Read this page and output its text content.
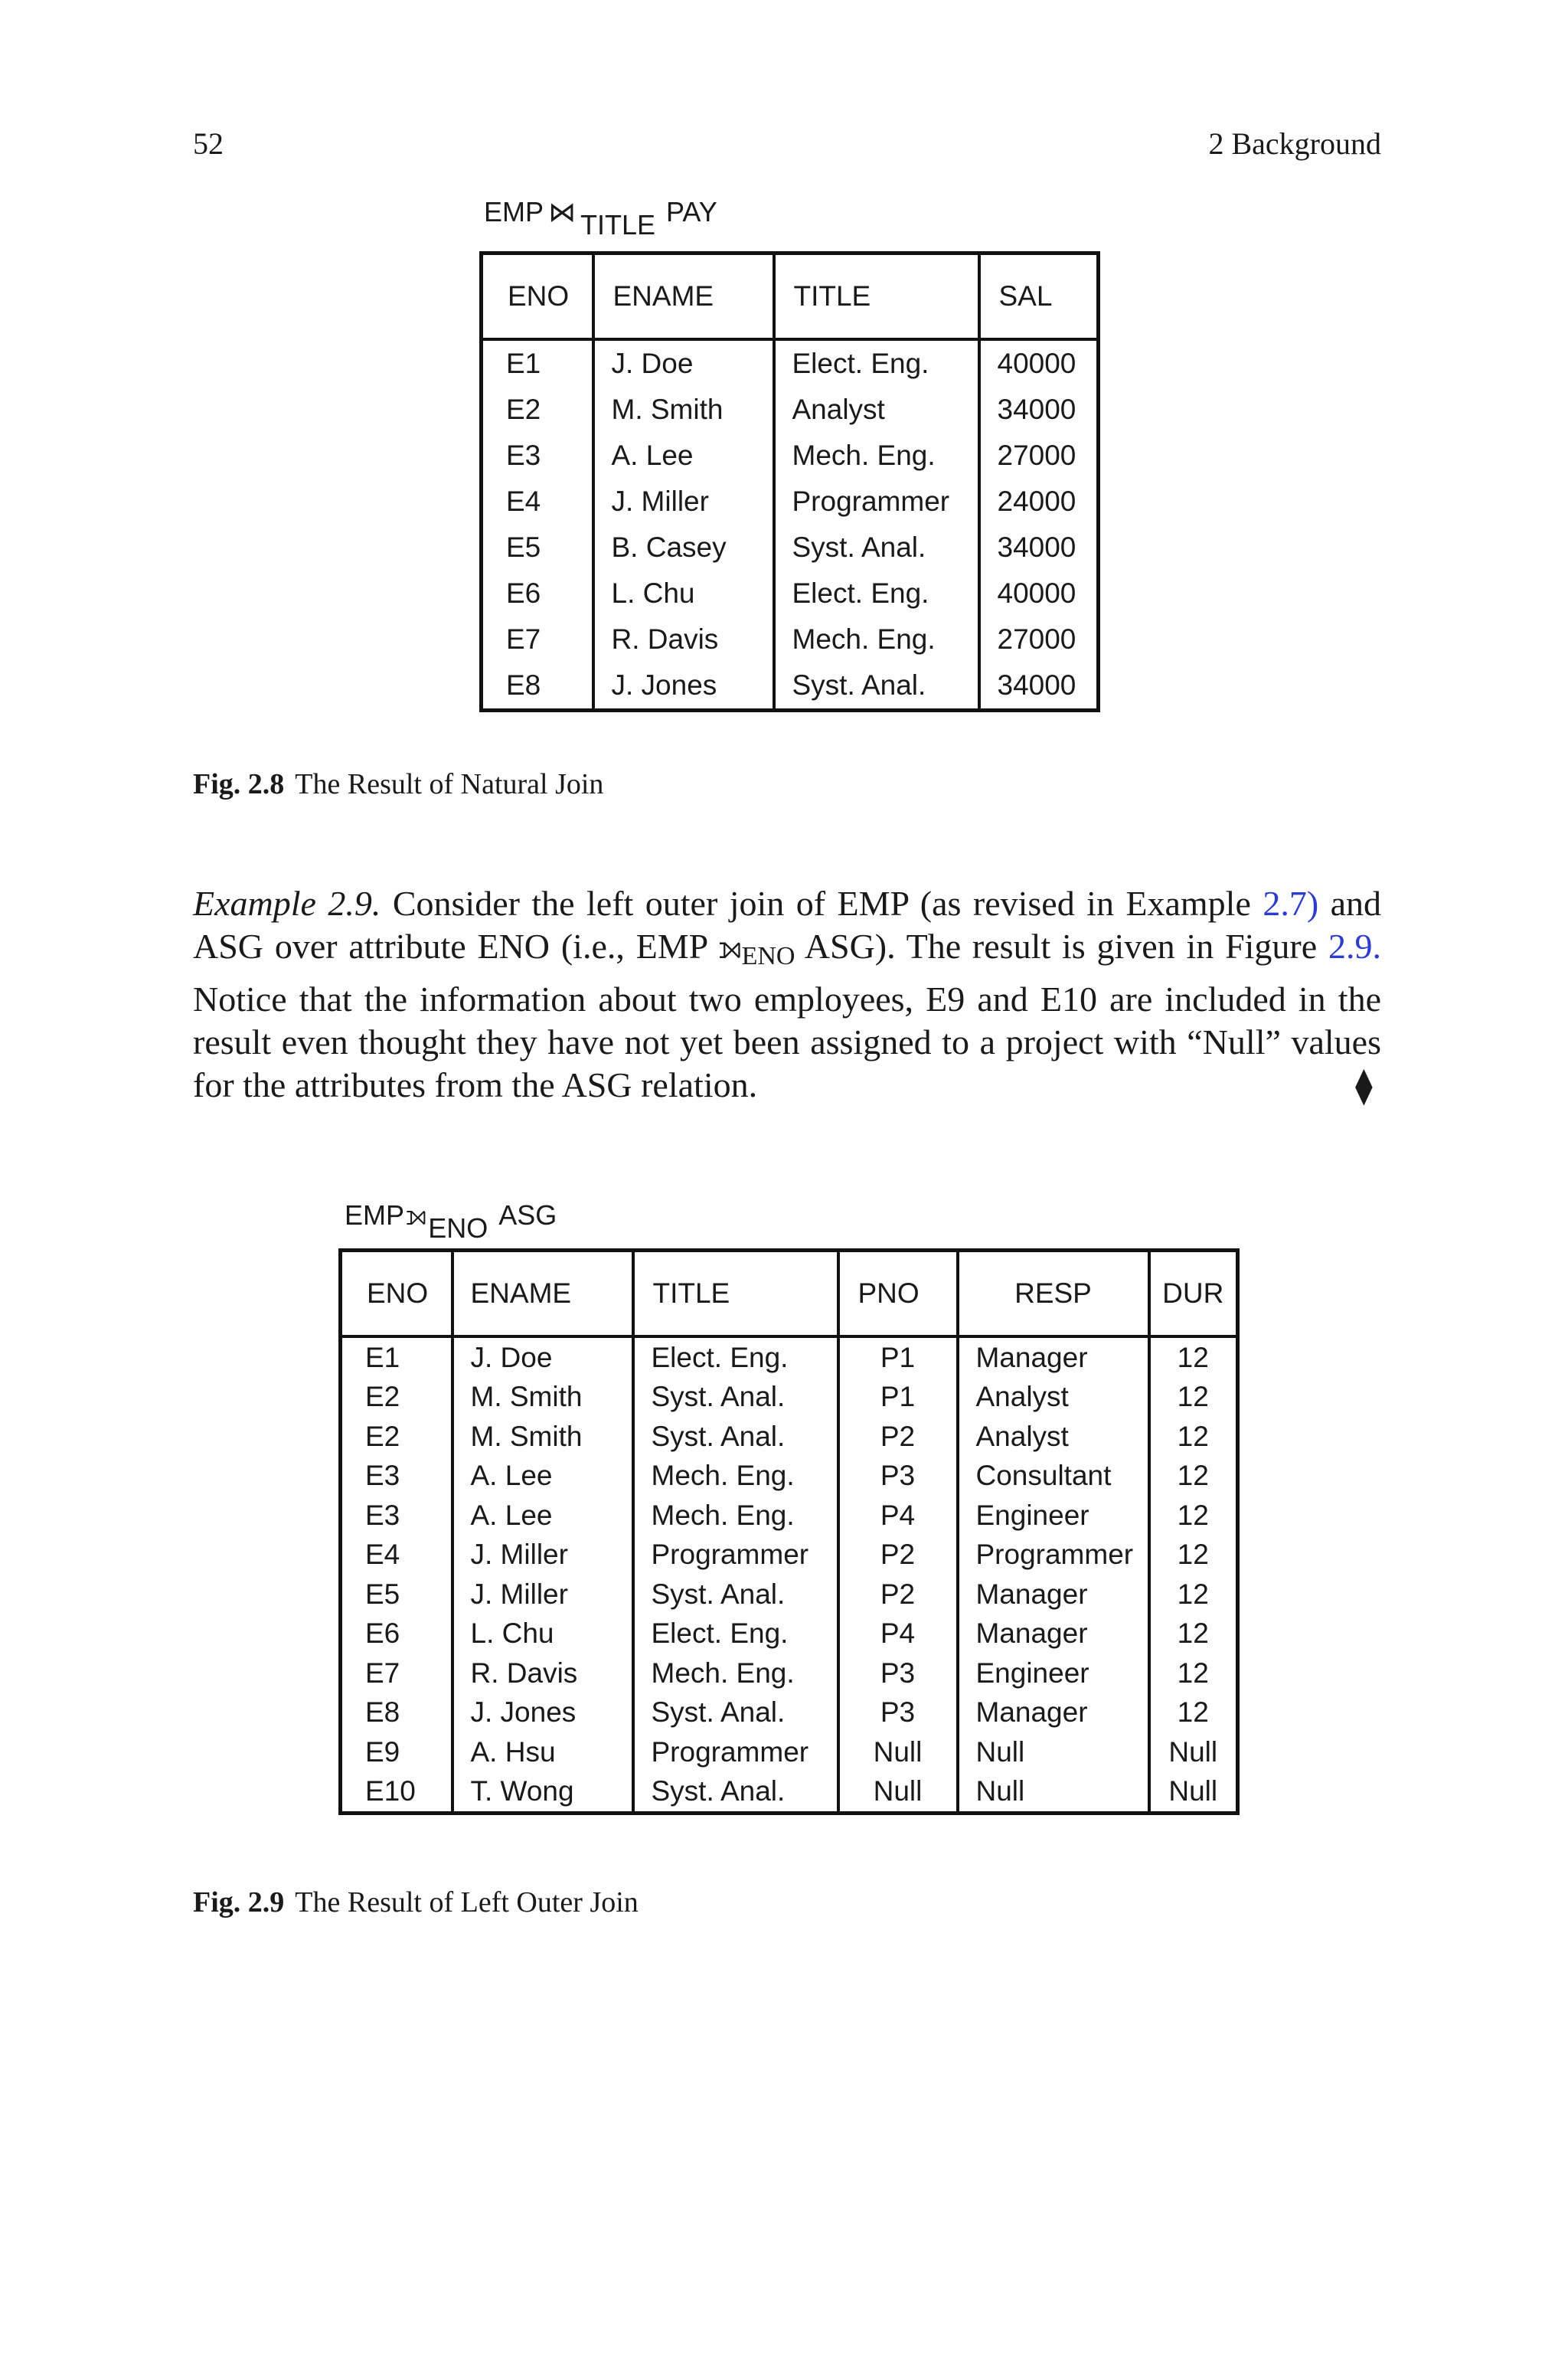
52	2 Background
EMP ⋈ TITLE PAY
ENO	ENAME	TITLE	SAL
E1	J. Doe	Elect. Eng.	40000
E2	M. Smith	Analyst	34000
E3	A. Lee	Mech. Eng.	27000
E4	J. Miller	Programmer	24000
E5	B. Casey	Syst. Anal.	34000
E6	L. Chu	Elect. Eng.	40000
E7	R. Davis	Mech. Eng.	27000
E8	J. Jones	Syst. Anal.	34000
Fig. 2.8 The Result of Natural Join
Example 2.9. Consider the left outer join of EMP (as revised in Example 2.7) and ASG over attribute ENO (i.e., EMP $⟕_{ENO}$ ASG). The result is given in Figure 2.9. Notice that the information about two employees, E9 and E10 are included in the result even thought they have not yet been assigned to a project with “Null” values for the attributes from the ASG relation.	⧫
EMP⟕ENO ASG
ENO	ENAME	TITLE	PNO	RESP	DUR
E1	J. Doe	Elect. Eng.	P1	Manager	12
E2	M. Smith	Syst. Anal.	P1	Analyst	12
E2	M. Smith	Syst. Anal.	P2	Analyst	12
E3	A. Lee	Mech. Eng.	P3	Consultant	12
E3	A. Lee	Mech. Eng.	P4	Engineer	12
E4	J. Miller	Programmer	P2	Programmer	12
E5	J. Miller	Syst. Anal.	P2	Manager	12
E6	L. Chu	Elect. Eng.	P4	Manager	12
E7	R. Davis	Mech. Eng.	P3	Engineer	12
E8	J. Jones	Syst. Anal.	P3	Manager	12
E9	A. Hsu	Programmer	Null	Null	Null
E10	T. Wong	Syst. Anal.	Null	Null	Null
Fig. 2.9 The Result of Left Outer Join
